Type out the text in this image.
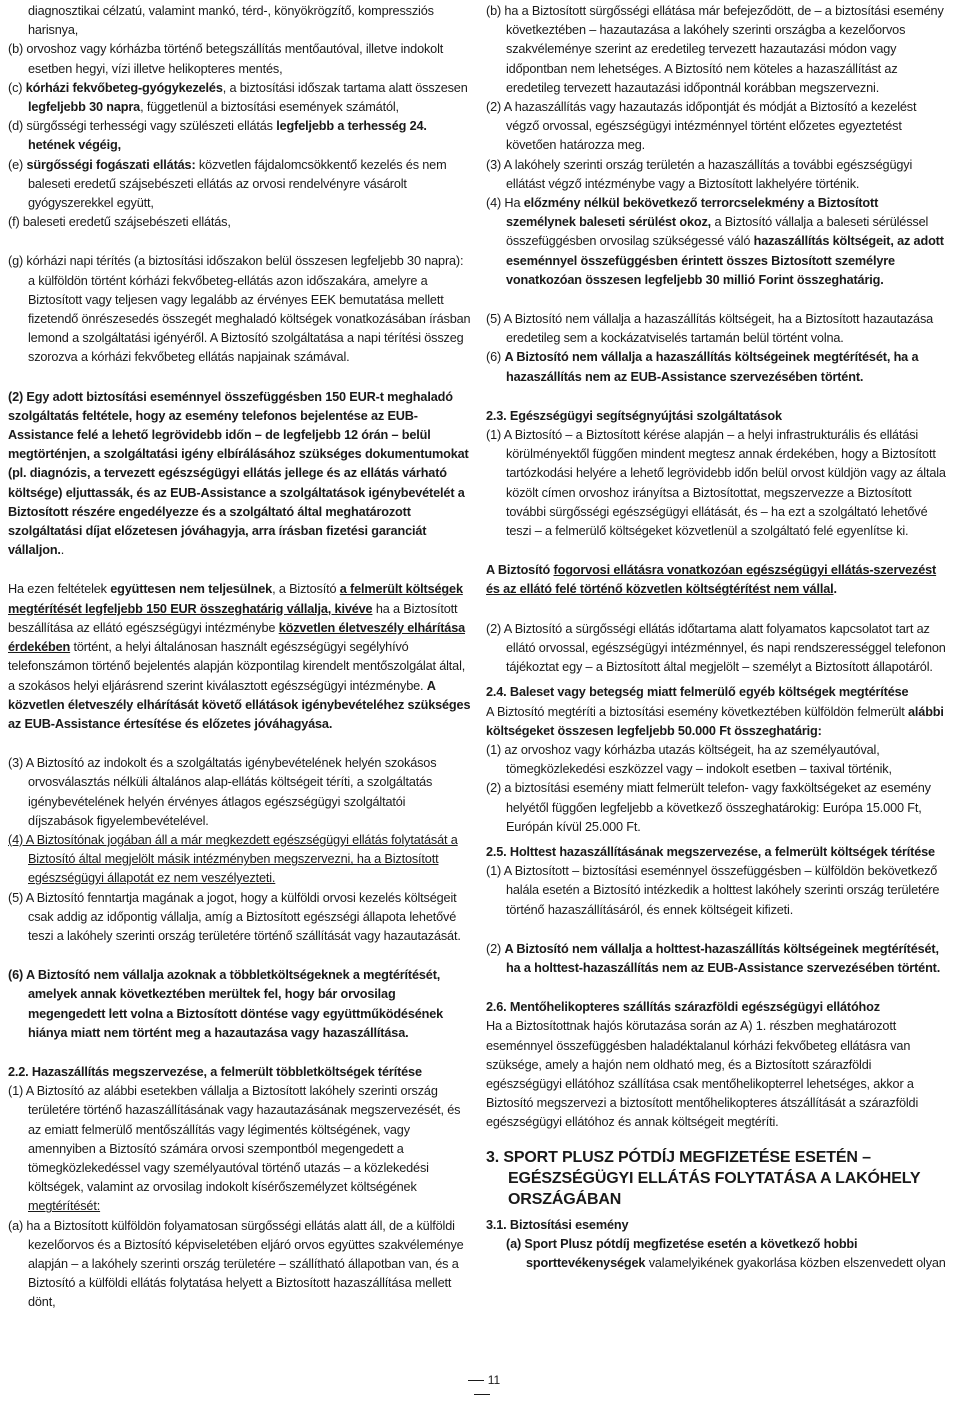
diagnosztikai célzatú, valamint mankó, térd-, könyökrögzítő, kompressziós harisnya,

(b) orvoshoz vagy kórházba történő betegszállítás mentőautóval, illetve indokolt esetben hegyi, vízi illetve helikopteres mentés,

(c) kórházi fekvőbeteg-gyógykezelés, a biztosítási időszak tartama alatt összesen legfeljebb 30 napra, függetlenül a biztosítási események számától,

(d) sürgősségi terhességi vagy szülészeti ellátás legfeljebb a terhesség 24. hetének végéig,

(e) sürgősségi fogászati ellátás: közvetlen fájdalomcsökkentő kezelés és nem baleseti eredetű szájsebészeti ellátás az orvosi rendelvényre vásárolt gyógyszerekkel együtt,

(f) baleseti eredetű szájsebészeti ellátás,

(g) kórházi napi térítés (a biztosítási időszakon belül összesen legfeljebb 30 napra): a külföldön történt kórházi fekvőbeteg-ellátás azon időszakára, amelyre a Biztosított vagy teljesen vagy legalább az érvényes EEK bemutatása mellett fizetendő önrészesedés összegét meghaladó költségek vonatkozásában írásban lemond a szolgáltatási igényéről. A Biztosító szolgáltatása a napi térítési összeg szorozva a kórházi fekvőbeteg ellátás napjainak számával.

(2) Egy adott biztosítási eseménnyel összefüggésben 150 EUR-t meghaladó szolgáltatás feltétele, hogy az esemény telefonos bejelentése az EUB-Assistance felé a lehető legrövidebb időn – de legfeljebb 12 órán – belül megtörténjen, a szolgáltatási igény elbírálásához szükséges dokumentumokat (pl. diagnózis, a tervezett egészségügyi ellátás jellege és az ellátás várható költsége) eljuttassák, és az EUB-Assistance a szolgáltatások igénybevételét a Biztosított részére engedélyezze és a szolgáltató által meghatározott szolgáltatási díjat előzetesen jóváhagyja, arra írásban fizetési garanciát vállaljon..

Ha ezen feltételek együttesen nem teljesülnek, a Biztosító a felmerült költségek megtérítését legfeljebb 150 EUR összeghatárig vállalja, kivéve ha a Biztosított beszállítása az ellátó egészségügyi intézménybe közvetlen életveszély elhárítása érdekében történt, a helyi általánosan használt egészségügyi segélyhívó telefonszámon történő bejelentés alapján központilag kirendelt mentőszolgálat által, a szokásos helyi eljárásrend szerint kiválasztott egészségügyi intézménybe. A közvetlen életveszély elhárítását követő ellátások igénybevételéhez szükséges az EUB-Assistance értesítése és előzetes jóváhagyása.

(3) A Biztosító az indokolt és a szolgáltatás igénybevételének helyén szokásos orvosválasztás nélküli általános alap-ellátás költségeit téríti, a szolgáltatás igénybevételének helyén érvényes átlagos egészségügyi szolgáltatói díjszabások figyelembevételével.

(4) A Biztosítónak jogában áll a már megkezdett egészségügyi ellátás folytatását a Biztosító által megjelölt másik intézményben megszervezni, ha a Biztosított egészségügyi állapotát ez nem veszélyezteti.

(5) A Biztosító fenntartja magának a jogot, hogy a külföldi orvosi kezelés költségeit csak addig az időpontig vállalja, amíg a Biztosított egészségi állapota lehetővé teszi a lakóhely szerinti ország területére történő szállítását vagy hazautazását.

(6) A Biztosító nem vállalja azoknak a többletköltségeknek a megtérítését, amelyek annak következtében merültek fel, hogy bár orvosilag megengedett lett volna a Biztosított döntése vagy együttműködésének hiánya miatt nem történt meg a hazautazása vagy hazaszállítása.

2.2. Hazaszállítás megszervezése, a felmerült többletköltségek térítése

(1) A Biztosító az alábbi esetekben vállalja a Biztosított lakóhely szerinti ország területére történő hazaszállításának vagy hazautazásának megszervezését, és az emiatt felmerülő mentőszállítás vagy légimentés költségének, vagy amennyiben a Biztosító számára orvosi szempontból megengedett a tömegközlekedéssel vagy személyautóval történő utazás – a közlekedési költségek, valamint az orvosilag indokolt kísérőszemélyzet költségének megtérítését:

(a) ha a Biztosított külföldön folyamatosan sürgősségi ellátás alatt áll, de a külföldi kezelőorvos és a Biztosító képviseletében eljáró orvos együttes szakvéleménye alapján – a lakóhely szerinti ország területére – szállítható állapotban van, és a Biztosító a külföldi ellátás folytatása helyett a Biztosított hazaszállítása mellett dönt,

(b) ha a Biztosított sürgősségi ellátása már befejeződött, de – a biztosítási esemény következtében – hazautazása a lakóhely szerinti országba a kezelőorvos szakvéleménye szerint az eredetileg tervezett hazautazási módon vagy időpontban nem lehetséges. A Biztosító nem köteles a hazaszállítást az eredetileg tervezett hazautazási időpontnál korábban megszervezni.

(2) A hazaszállítás vagy hazautazás időpontját és módját a Biztosító a kezelést végző orvossal, egészségügyi intézménnyel történt előzetes egyeztetést követően határozza meg.

(3) A lakóhely szerinti ország területén a hazaszállítás a további egészségügyi ellátást végző intézménybe vagy a Biztosított lakhelyére történik.

(4) Ha előzmény nélkül bekövetkező terrorcselekmény a Biztosított személynek baleseti sérülést okoz, a Biztosító vállalja a baleseti sérüléssel összefüggésben orvosilag szükségessé váló hazaszállítás költségeit, az adott eseménnyel összefüggésben érintett összes Biztosított személyre vonatkozóan összesen legfeljebb 30 millió Forint összeghatárig.

(5) A Biztosító nem vállalja a hazaszállítás költségeit, ha a Biztosított hazautazása eredetileg sem a kockázatviselés tartamán belül történt volna.

(6) A Biztosító nem vállalja a hazaszállítás költségeinek megtérítését, ha a hazaszállítás nem az EUB-Assistance szervezésében történt.

2.3. Egészségügyi segítségnyújtási szolgáltatások

(1) A Biztosító – a Biztosított kérése alapján – a helyi infrastrukturális és ellátási körülményektől függően mindent megtesz annak érdekében, hogy a Biztosított tartózkodási helyére a lehető legrövidebb időn belül orvost küldjön vagy az általa közölt címen orvoshoz irányítsa a Biztosítottat, megszervezze a Biztosított további sürgősségi egészségügyi ellátását, és – ha ezt a szolgáltató lehetővé teszi – a felmerülő költségeket közvetlenül a szolgáltató felé egyenlítse ki.

A Biztosító fogorvosi ellátásra vonatkozóan egészségügyi ellátás-szervezést és az ellátó felé történő közvetlen költségtérítést nem vállal.

(2) A Biztosító a sürgősségi ellátás időtartama alatt folyamatos kapcsolatot tart az ellátó orvossal, egészségügyi intézménnyel, és napi rendszerességgel telefonon tájékoztat egy – a Biztosított által megjelölt – személyt a Biztosított állapotáról.

2.4. Baleset vagy betegség miatt felmerülő egyéb költségek megtérítése

A Biztosító megtéríti a biztosítási esemény következtében külföldön felmerült alábbi költségeket összesen legfeljebb 50.000 Ft összeghatárig:

(1) az orvoshoz vagy kórházba utazás költségeit, ha az személyautóval, tömegközlekedési eszközzel vagy – indokolt esetben – taxival történik,

(2) a biztosítási esemény miatt felmerült telefon- vagy faxköltségeket az esemény helyétől függően legfeljebb a következő összeghatárokig: Európa 15.000 Ft, Európán kívül 25.000 Ft.

2.5. Holttest hazaszállításának megszervezése, a felmerült költségek térítése

(1) A Biztosított – biztosítási eseménnyel összefüggésben – külföldön bekövetkező halála esetén a Biztosító intézkedik a holttest lakóhely szerinti ország területére történő hazaszállításáról, és ennek költségeit kifizeti.

(2) A Biztosító nem vállalja a holttest-hazaszállítás költségeinek megtérítését, ha a holttest-hazaszállítás nem az EUB-Assistance szervezésében történt.

2.6. Mentőhelikopteres szállítás szárazföldi egészségügyi ellátóhoz

Ha a Biztosítottnak hajós körutazása során az A) 1. részben meghatározott eseménnyel összefüggésben haladéktalanul kórházi fekvőbeteg ellátásra van szüksége, amely a hajón nem oldható meg, és a Biztosított szárazföldi egészségügyi ellátóhoz szállítása csak mentőhelikopterrel lehetséges, akkor a Biztosító megszervezi a biztosított mentőhelikopteres átszállítását a szárazföldi egészségügyi ellátóhoz és annak költségeit megtéríti.

3. SPORT PLUSZ PÓTDÍJ MEGFIZETÉSE ESETÉN – EGÉSZSÉGÜGYI ELLÁTÁS FOLYTATÁSA A LAKÓHELY ORSZÁGÁBAN

3.1. Biztosítási esemény

(a) Sport Plusz pótdíj megfizetése esetén a következő hobbi sporttevékenységek valamelyikének gyakorlása közben elszenvedett olyan

11
